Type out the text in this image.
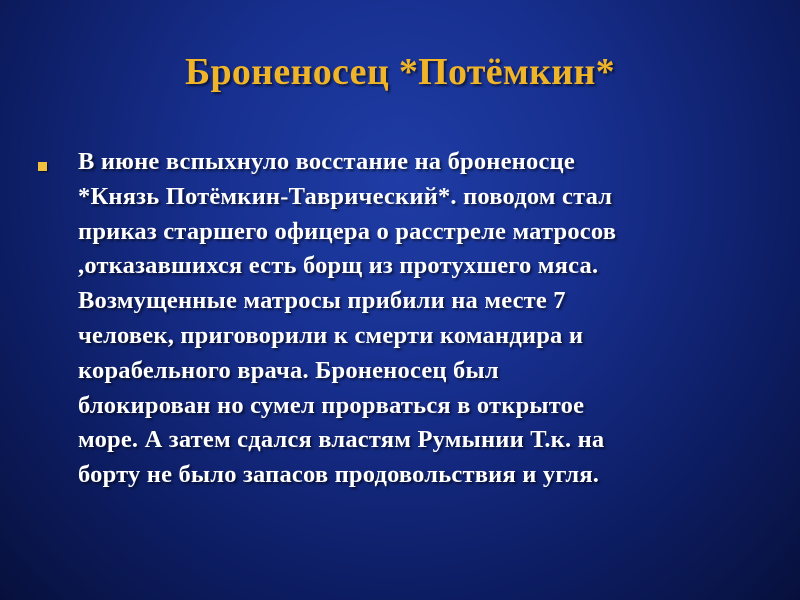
Броненосец *Потёмкин*
В июне вспыхнуло восстание на броненосце
*Князь Потёмкин-Таврический*. поводом стал
приказ старшего офицера о расстреле матросов
,отказавшихся есть борщ из протухшего мяса.
Возмущенные матросы прибили на месте 7
человек, приговорили к смерти командира и
корабельного врача. Броненосец был
блокирован но сумел прорваться в открытое
море. А затем сдался властям Румынии Т.к. на
борту не было запасов продовольствия и угля.
